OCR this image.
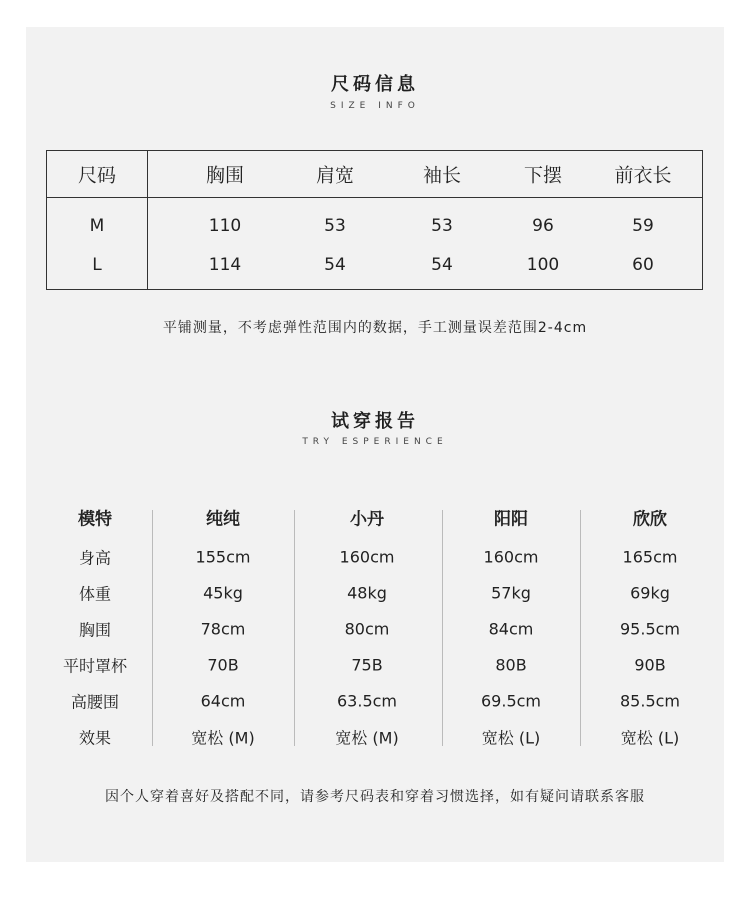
尺码信息
SIZE INFO
尺码	胸围	肩宽	袖长	下摆	前衣长
M	110	53	53	96	59
L	114	54	54	100	60
平铺测量，不考虑弹性范围内的数据，手工测量误差范围2-4cm
试穿报告
TRY ESPERIENCE
模特	纯纯	小丹	阳阳	欣欣
身高	155cm	160cm	160cm	165cm
体重	45kg	48kg	57kg	69kg
胸围	78cm	80cm	84cm	95.5cm
平时罩杯	70B	75B	80B	90B
高腰围	64cm	63.5cm	69.5cm	85.5cm
效果	宽松 (M)	宽松 (M)	宽松 (L)	宽松 (L)
因个人穿着喜好及搭配不同，请参考尺码表和穿着习惯选择，如有疑问请联系客服
